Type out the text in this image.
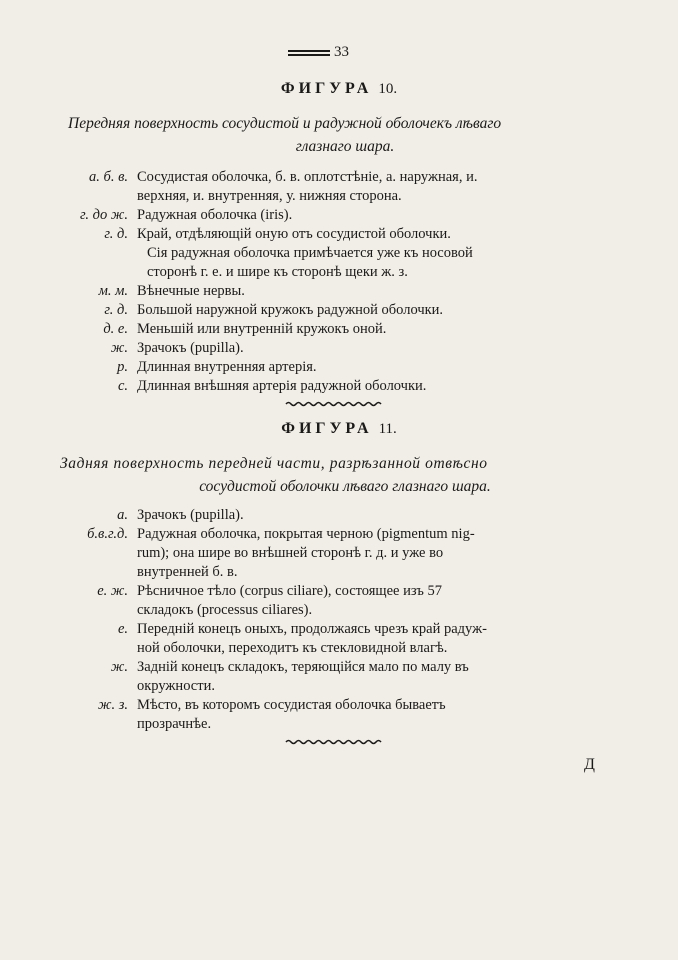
33
ФИГУРА 10.
Передняя поверхность сосудистой и радужной оболочекъ лѣваго
глазнаго шара.
а. б. в. Сосудистая оболочка, б. в. оплотстѣніе, а. наружная, и.
верхняя, и. внутренняя, у. нижняя сторона.
г. до ж. Радужная оболочка (iris).
г. д. Край, отдѣляющій оную отъ сосудистой оболочки.
Сія радужная оболочка примѣчается уже къ носовой
сторонѣ г. е. и шире къ сторонѣ щеки ж. з.
м. м. Вѣнечные нервы.
г. д. Большой наружной кружокъ радужной оболочки.
д. е. Меньшій или внутренній кружокъ оной.
ж. Зрачокъ (pupilla).
р. Длинная внутренняя артерія.
с. Длинная внѣшняя артерія радужной оболочки.
ФИГУРА 11.
Задняя поверхность передней части, разрѣзанной отвѣсно
сосудистой оболочки лѣваго глазнаго шара.
а. Зрачокъ (pupilla).
б.в.г.д. Радужная оболочка, покрытая черною (pigmentum nig-
rum); она шире во внѣшней сторонѣ г. д. и уже во
внутренней б. в.
е. ж. Рѣсничное тѣло (corpus ciliare), состоящее изъ 57
складокъ (processus ciliares).
е. Передній конецъ оныхъ, продолжаясь чрезъ край радуж-
ной оболочки, переходитъ къ стекловидной влагѣ.
ж. Задній конецъ складокъ, теряющійся мало по малу въ
окружности.
ж. з. Мѣсто, въ которомъ сосудистая оболочка бываетъ
прозрачнѣе.
Д
